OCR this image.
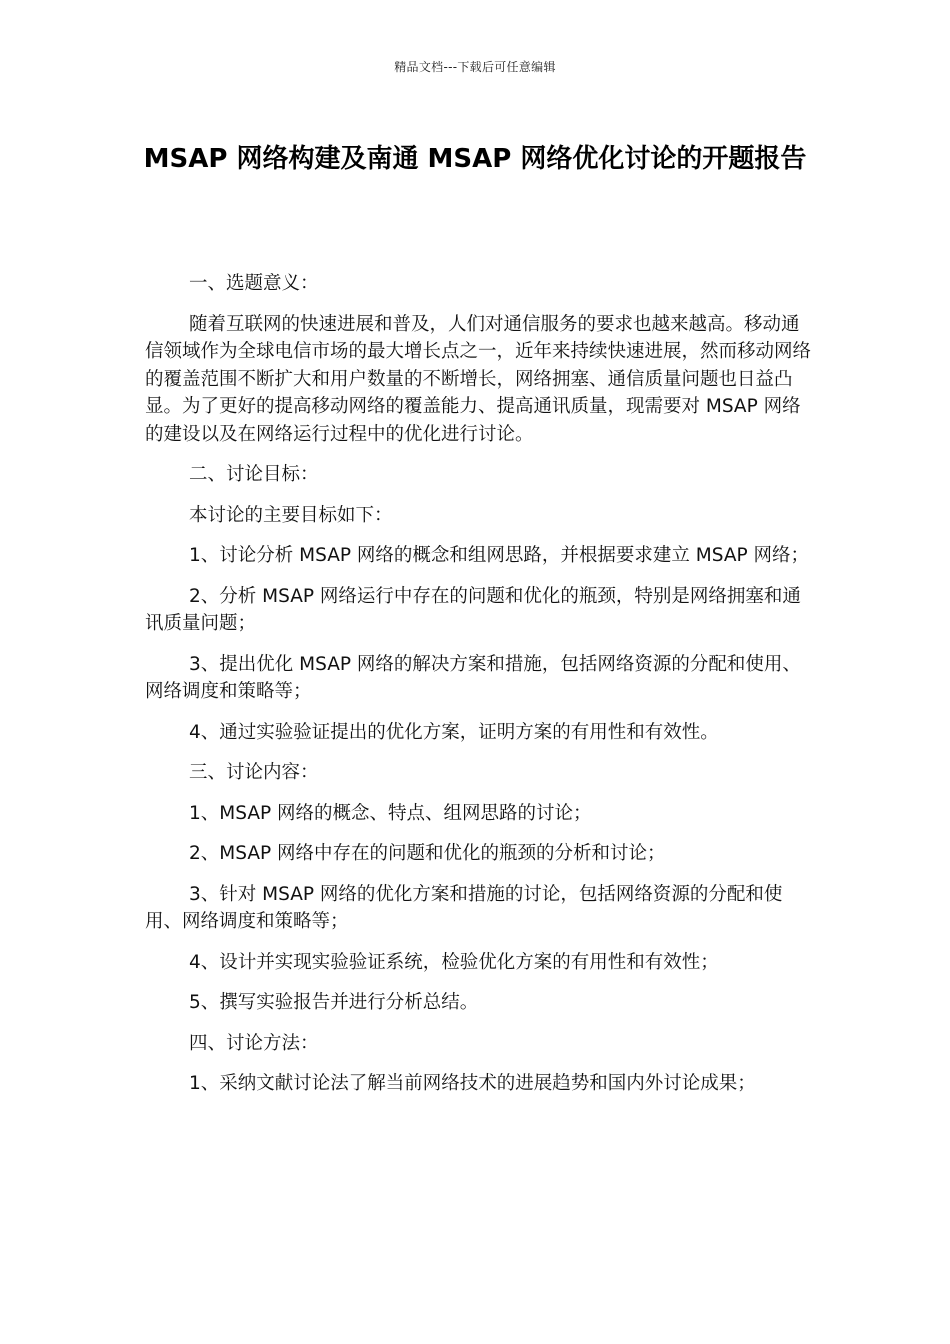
精品文档---下载后可任意编辑
MSAP 网络构建及南通 MSAP 网络优化讨论的开题报告

一、选题意义：

随着互联网的快速进展和普及，人们对通信服务的要求也越来越高。移动通信领域作为全球电信市场的最大增长点之一，近年来持续快速进展，然而移动网络的覆盖范围不断扩大和用户数量的不断增长，网络拥塞、通信质量问题也日益凸显。为了更好的提高移动网络的覆盖能力、提高通讯质量，现需要对 MSAP 网络的建设以及在网络运行过程中的优化进行讨论。

二、讨论目标：

本讨论的主要目标如下：

1、讨论分析 MSAP 网络的概念和组网思路，并根据要求建立 MSAP 网络；

2、分析 MSAP 网络运行中存在的问题和优化的瓶颈，特别是网络拥塞和通讯质量问题；

3、提出优化 MSAP 网络的解决方案和措施，包括网络资源的分配和使用、网络调度和策略等；

4、通过实验验证提出的优化方案，证明方案的有用性和有效性。

三、讨论内容：

1、MSAP 网络的概念、特点、组网思路的讨论；

2、MSAP 网络中存在的问题和优化的瓶颈的分析和讨论；

3、针对 MSAP 网络的优化方案和措施的讨论，包括网络资源的分配和使用、网络调度和策略等；

4、设计并实现实验验证系统，检验优化方案的有用性和有效性；

5、撰写实验报告并进行分析总结。

四、讨论方法：

1、采纳文献讨论法了解当前网络技术的进展趋势和国内外讨论成果；
